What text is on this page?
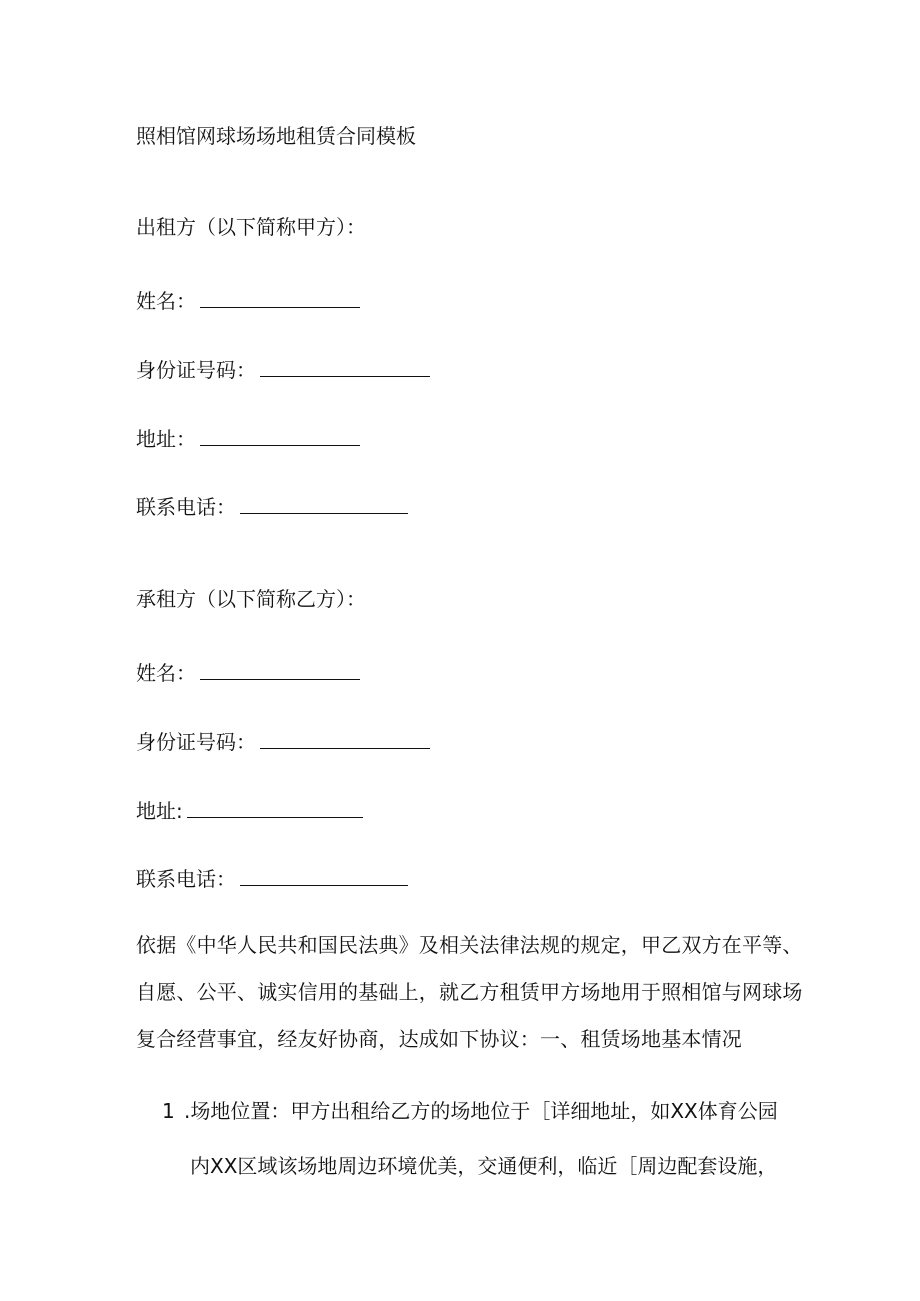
照相馆网球场场地租赁合同模板
出租方（以下简称甲方）：
姓名：
身份证号码：
地址：
联系电话：
承租方（以下简称乙方）：
姓名：
身份证号码：
地址:
联系电话：
依据《中华人民共和国民法典》及相关法律法规的规定，甲乙双方在平等、自愿、公平、诚实信用的基础上，就乙方租赁甲方场地用于照相馆与网球场复合经营事宜，经友好协商，达成如下协议：一、租赁场地基本情况
1 .场地位置：甲方出租给乙方的场地位于［详细地址，如XX体育公园
内XX区域该场地周边环境优美，交通便利，临近［周边配套设施，
